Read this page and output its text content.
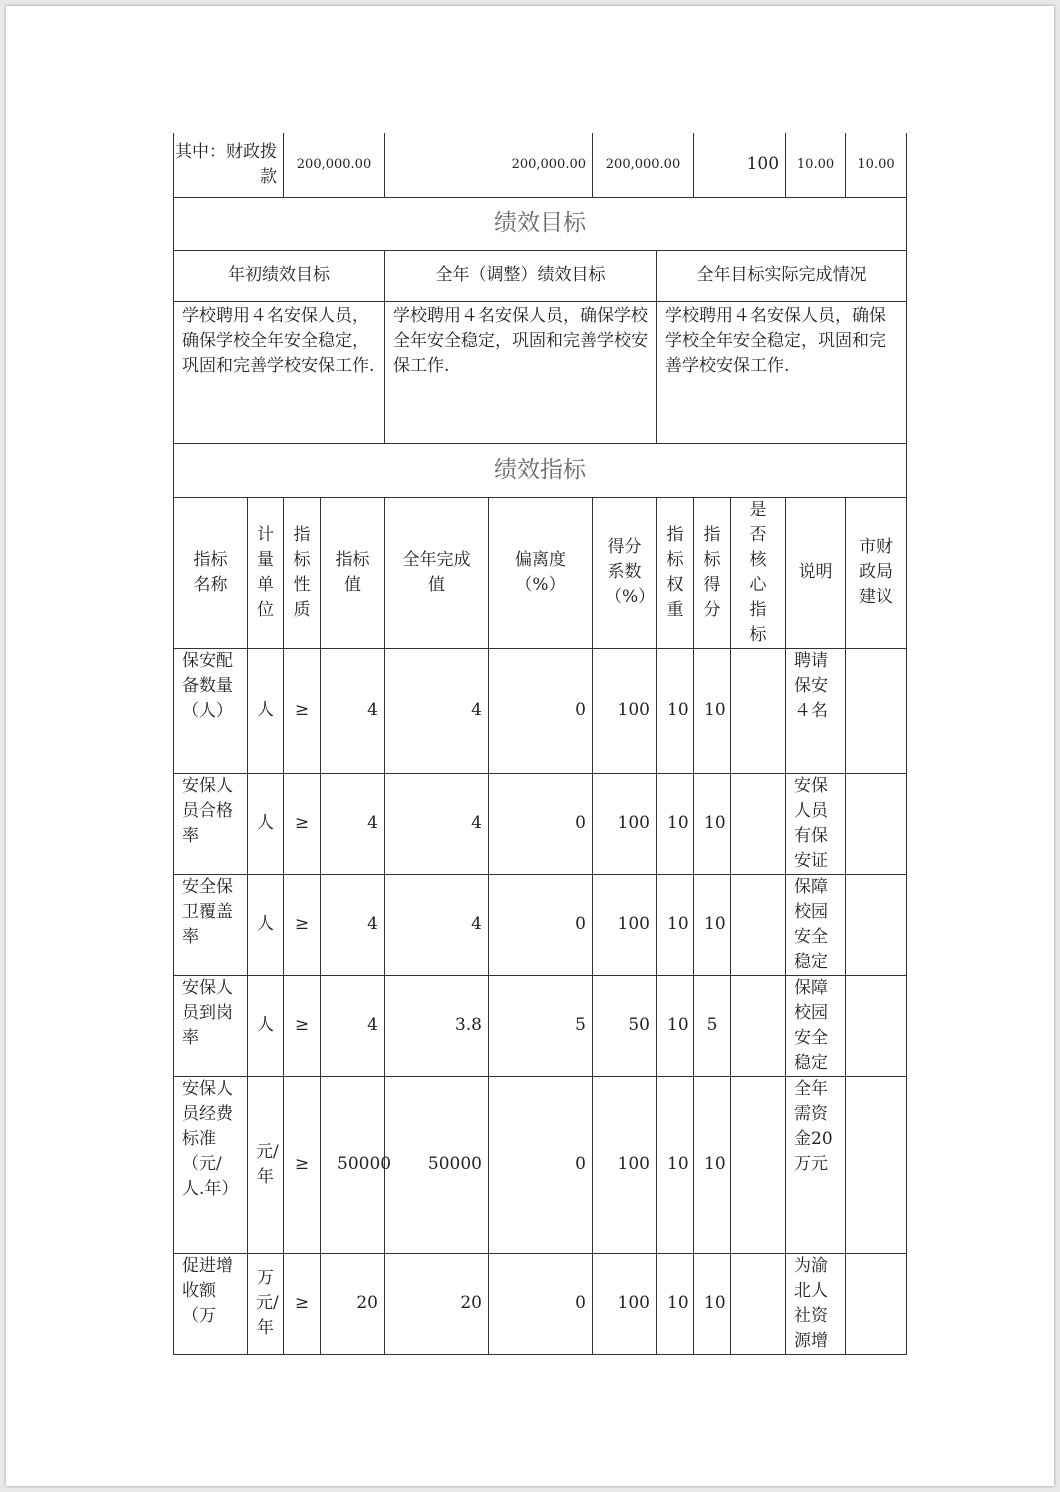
其中：财政拨款		200,000.00		200,000.00		200,000.00		100		10.00	10.00
绩效目标											
年初绩效目标				全年（调整）绩效目标			全年目标实际完成情况				
学校聘用４名安保人员，确保学校全年安全稳定，巩固和完善学校安保工作.				学校聘用４名安保人员，确保学校全年安全稳定，巩固和完善学校安保工作.			学校聘用４名安保人员，确保学校全年安全稳定，巩固和完善学校安保工作.				
绩效指标											
指标名称	计量单位	指标性质	指标值	全年完成值	偏离度（%）	得分系数（%）	指标权重	指标得分	是否核心指标	说明	市财政局建议
保安配备数量（人）	人	≥	4	4	0	100	10	10		聘请保安４名	
安保人员合格率	人	≥	4	4	0	100	10	10		安保人员有保安证	
安全保卫覆盖率	人	≥	4	4	0	100	10	10		保障校园安全稳定	
安保人员到岗率	人	≥	4	3.8	5	50	10	5		保障校园安全稳定	
安保人员经费标准（元/人.年）	元/年	≥	50000	50000	0	100	10	10		全年需资金20万元	
促进增收额（万	万元/年	≥	20	20	0	100	10	10		为渝北人社资源增	
